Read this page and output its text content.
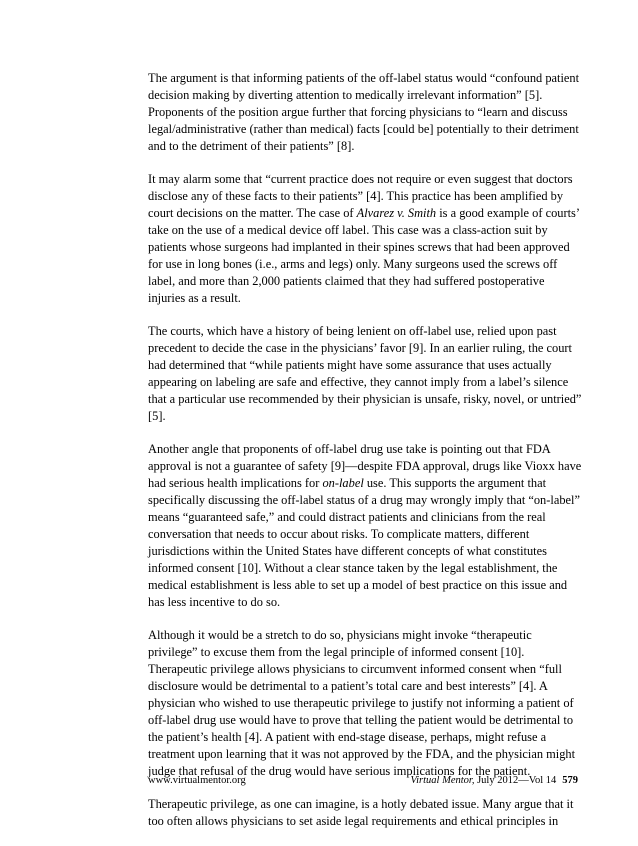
The argument is that informing patients of the off-label status would “confound patient decision making by diverting attention to medically irrelevant information” [5]. Proponents of the position argue further that forcing physicians to “learn and discuss legal/administrative (rather than medical) facts [could be] potentially to their detriment and to the detriment of their patients” [8].

It may alarm some that “current practice does not require or even suggest that doctors disclose any of these facts to their patients” [4]. This practice has been amplified by court decisions on the matter. The case of Alvarez v. Smith is a good example of courts’ take on the use of a medical device off label. This case was a class-action suit by patients whose surgeons had implanted in their spines screws that had been approved for use in long bones (i.e., arms and legs) only. Many surgeons used the screws off label, and more than 2,000 patients claimed that they had suffered postoperative injuries as a result.

The courts, which have a history of being lenient on off-label use, relied upon past precedent to decide the case in the physicians’ favor [9]. In an earlier ruling, the court had determined that “while patients might have some assurance that uses actually appearing on labeling are safe and effective, they cannot imply from a label’s silence that a particular use recommended by their physician is unsafe, risky, novel, or untried” [5].

Another angle that proponents of off-label drug use take is pointing out that FDA approval is not a guarantee of safety [9]—despite FDA approval, drugs like Vioxx have had serious health implications for on-label use. This supports the argument that specifically discussing the off-label status of a drug may wrongly imply that “on-label” means “guaranteed safe,” and could distract patients and clinicians from the real conversation that needs to occur about risks. To complicate matters, different jurisdictions within the United States have different concepts of what constitutes informed consent [10]. Without a clear stance taken by the legal establishment, the medical establishment is less able to set up a model of best practice on this issue and has less incentive to do so.

Although it would be a stretch to do so, physicians might invoke “therapeutic privilege” to excuse them from the legal principle of informed consent [10]. Therapeutic privilege allows physicians to circumvent informed consent when “full disclosure would be detrimental to a patient’s total care and best interests” [4]. A physician who wished to use therapeutic privilege to justify not informing a patient of off-label drug use would have to prove that telling the patient would be detrimental to the patient’s health [4]. A patient with end-stage disease, perhaps, might refuse a treatment upon learning that it was not approved by the FDA, and the physician might judge that refusal of the drug would have serious implications for the patient.

Therapeutic privilege, as one can imagine, is a hotly debated issue. Many argue that it too often allows physicians to set aside legal requirements and ethical principles in

www.virtualmentor.org	Virtual Mentor, July 2012—Vol 14 579
